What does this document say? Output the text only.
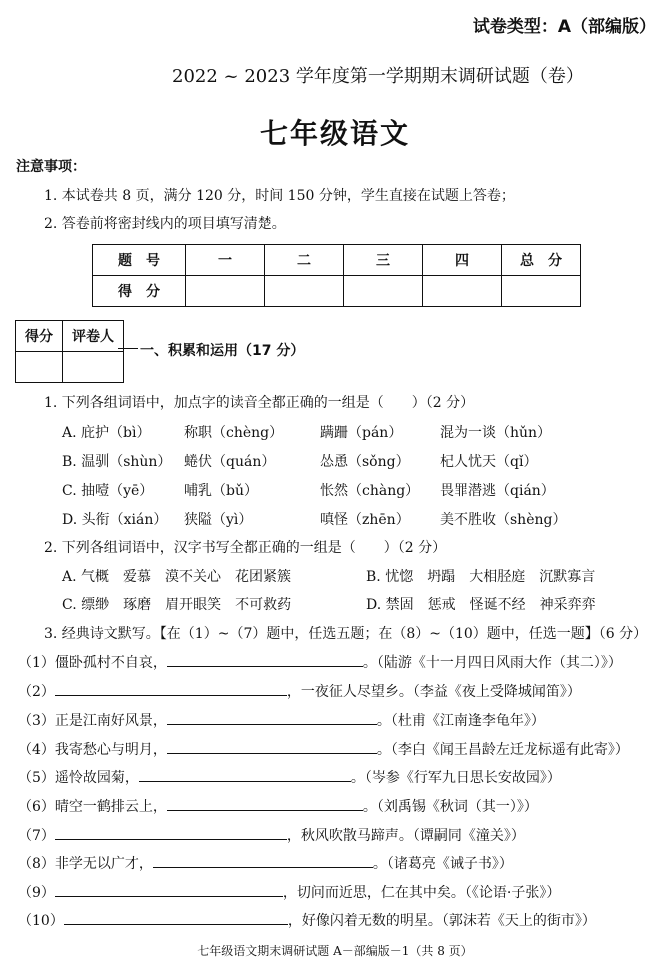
试卷类型：A（部编版）
2022 ~ 2023 学年度第一学期期末调研试题（卷）
七年级语文
注意事项：
1. 本试卷共 8 页，满分 120 分，时间 150 分钟，学生直接在试题上答卷；
2. 答卷前将密封线内的项目填写清楚。
题　号	一	二	三	四	总　分
得　分					
得分	评卷人

一、积累和运用（17 分）
1. 下列各组词语中，加点字的读音全都正确的一组是（　　）（2 分）
A. 庇护（bì） 称职（chèng）	蹒跚（pán）	混为一谈（hǔn）
B. 温驯（shùn） 蜷伏（quán）	怂恿（sǒng） 杞人忧天（qǐ）
C. 抽噎（yē） 哺乳（bǔ）	怅然（chàng） 畏罪潜逃（qián）
D. 头衔（xián） 狭隘（yì）	嗔怪（zhēn） 美不胜收（shèng）
2. 下列各组词语中，汉字书写全都正确的一组是（　　）（2 分）
A. 气概　爱慕　漠不关心　花团紧簇	B. 忧惚　坍蹋　大相胫庭　沉默寡言
C. 缥缈　琢磨　眉开眼笑　不可救药	D. 禁固　惩戒　怪诞不经　神采弈弈
3. 经典诗文默写。【在（1）~（7）题中，任选五题；在（8）~（10）题中，任选一题】（6 分）
（1）僵卧孤村不自哀，	。（陆游《十一月四日风雨大作（其二）》）
（2）	，一夜征人尽望乡。（李益《夜上受降城闻笛》）
（3）正是江南好风景，	。（杜甫《江南逢李龟年》）
（4）我寄愁心与明月，	。（李白《闻王昌龄左迁龙标遥有此寄》）
（5）遥怜故园菊，	。（岑参《行军九日思长安故园》）
（6）晴空一鹤排云上，	。（刘禹锡《秋词（其一）》）
（7）	，秋风吹散马蹄声。（谭嗣同《潼关》）
（8）非学无以广才，	。（诸葛亮《诫子书》）
（9）	，切问而近思，仁在其中矣。（《论语·子张》）
（10）	，好像闪着无数的明星。（郭沫若《天上的街市》）
七年级语文期末调研试题 A－部编版－1（共 8 页）
